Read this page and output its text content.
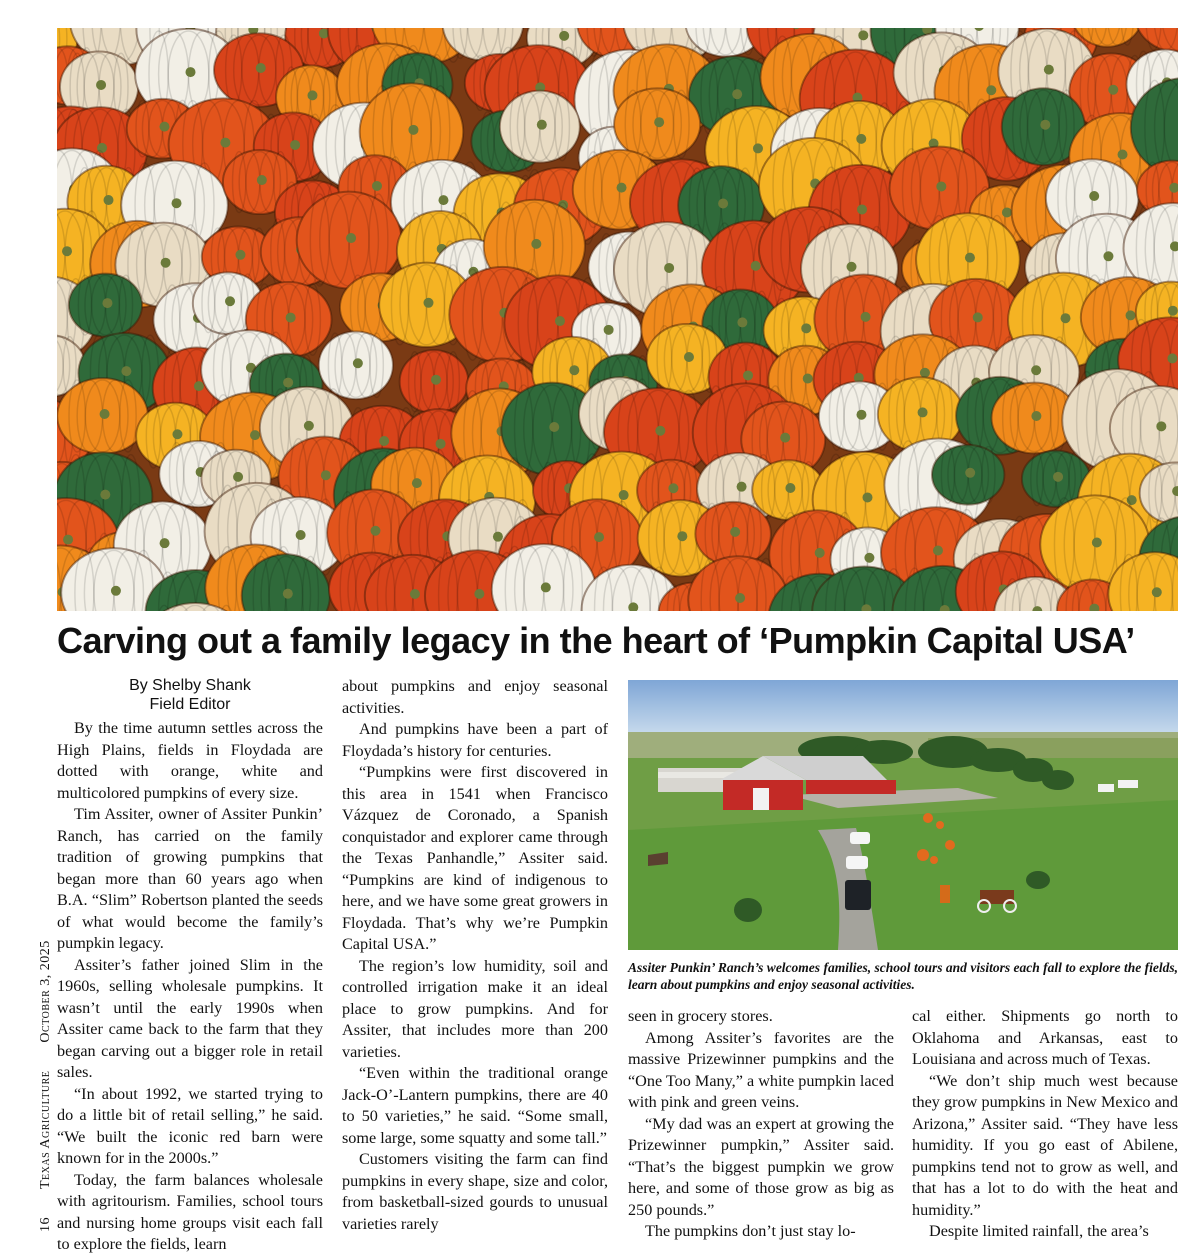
Carving out a family legacy in the heart of ‘Pumpkin Capital USA’
16 Texas Agriculture October 3, 2025
By Shelby Shank
Field Editor

By the time autumn settles across the High Plains, fields in Floydada are dotted with orange, white and multicolored pumpkins of every size.

Tim Assiter, owner of Assiter Punkin’ Ranch, has carried on the family tradition of growing pumpkins that began more than 60 years ago when B.A. “Slim” Robertson planted the seeds of what would become the family’s pumpkin legacy.

Assiter’s father joined Slim in the 1960s, selling wholesale pumpkins. It wasn’t until the early 1990s when Assiter came back to the farm that they began carving out a bigger role in retail sales.

“In about 1992, we started trying to do a little bit of retail selling,” he said. “We built the iconic red barn were known for in the 2000s.”

Today, the farm balances wholesale with agritourism. Families, school tours and nursing home groups visit each fall to explore the fields, learn

about pumpkins and enjoy seasonal activities.

And pumpkins have been a part of Floydada’s history for centuries.

“Pumpkins were first discovered in this area in 1541 when Francisco Vázquez de Coronado, a Spanish conquistador and explorer came through the Texas Panhandle,” Assiter said. “Pumpkins are kind of indigenous to here, and we have some great growers in Floydada. That’s why we’re Pumpkin Capital USA.”

The region’s low humidity, soil and controlled irrigation make it an ideal place to grow pumpkins. And for Assiter, that includes more than 200 varieties.

“Even within the traditional orange Jack-O’-Lantern pumpkins, there are 40 to 50 varieties,” he said. “Some small, some large, some squatty and some tall.”

Customers visiting the farm can find pumpkins in every shape, size and color, from basketball-sized gourds to unusual varieties rarely

Assiter Punkin’ Ranch’s welcomes families, school tours and visitors each fall to explore the fields, learn about pumpkins and enjoy seasonal activities.

seen in grocery stores.

Among Assiter’s favorites are the massive Prizewinner pumpkins and the “One Too Many,” a white pumpkin laced with pink and green veins.

“My dad was an expert at growing the Prizewinner pumpkin,” Assiter said. “That’s the biggest pumpkin we grow here, and some of those grow as big as 250 pounds.”

The pumpkins don’t just stay lo-

cal either. Shipments go north to Oklahoma and Arkansas, east to Louisiana and across much of Texas.

“We don’t ship much west because they grow pumpkins in New Mexico and Arizona,” Assiter said. “They have less humidity. If you go east of Abilene, pumpkins tend not to grow as well, and that has a lot to do with the heat and humidity.”

Despite limited rainfall, the area’s
